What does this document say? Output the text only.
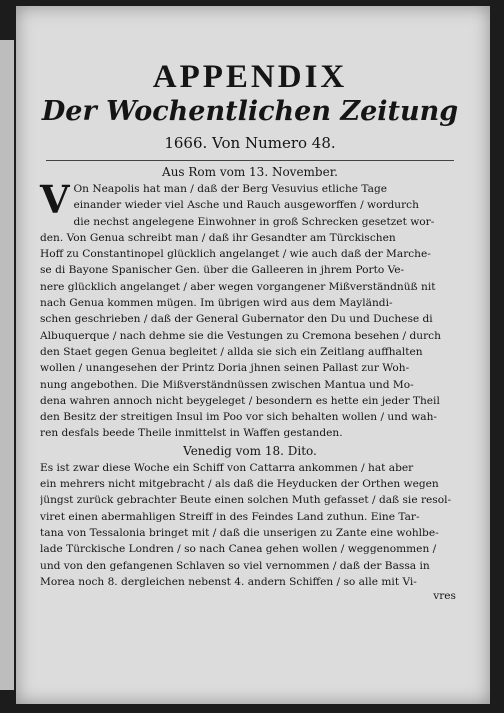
APPENDIX
Der Wochentlichen Zeitung
1666. Von Numero 48.
Aus Rom vom 13. November.
V On Neapolis hat man / daß der Berg Vesuvius etliche Tage
einander wieder viel Asche und Rauch ausgeworffen / wordurch
die nechst angelegene Einwohner in groß Schrecken gesetzet wor-
den. Von Genua schreibt man / daß ihr Gesandter am Türckischen
Hoff zu Constantinopel glücklich angelanget / wie auch daß der Marche-
se di Bayone Spanischer Gen. über die Galleeren in jhrem Porto Ve-
nere glücklich angelanget / aber wegen vorgangener Mißverständnüß nit
nach Genua kommen mügen. Im übrigen wird aus dem Mayländi-
schen geschrieben / daß der General Gubernator den Du und Duchese di
Albuquerque / nach dehme sie die Vestungen zu Cremona besehen / durch
den Staet gegen Genua begleitet / allda sie sich ein Zeitlang auffhalten
wollen / unangesehen der Printz Doria jhnen seinen Pallast zur Woh-
nung angebothen. Die Mißverständnüssen zwischen Mantua und Mo-
dena wahren annoch nicht beygeleget / besondern es hette ein jeder Theil
den Besitz der streitigen Insul im Poo vor sich behalten wollen / und wah-
ren desfals beede Theile inmittelst in Waffen gestanden.
Venedig vom 18. Dito.
Es ist zwar diese Woche ein Schiff von Cattarra ankommen / hat aber
ein mehrers nicht mitgebracht / als daß die Heyducken der Orthen wegen
jüngst zurück gebrachter Beute einen solchen Muth gefasset / daß sie resol-
viret einen abermahligen Streiff in des Feindes Land zuthun. Eine Tar-
tana von Tessalonia bringet mit / daß die unserigen zu Zante eine wohlbe-
lade Türckische Londren / so nach Canea gehen wollen / weggenommen /
und von den gefangenen Schlaven so viel vernommen / daß der Bassa in
Morea noch 8. dergleichen nebenst 4. andern Schiffen / so alle mit Vi-
vres
